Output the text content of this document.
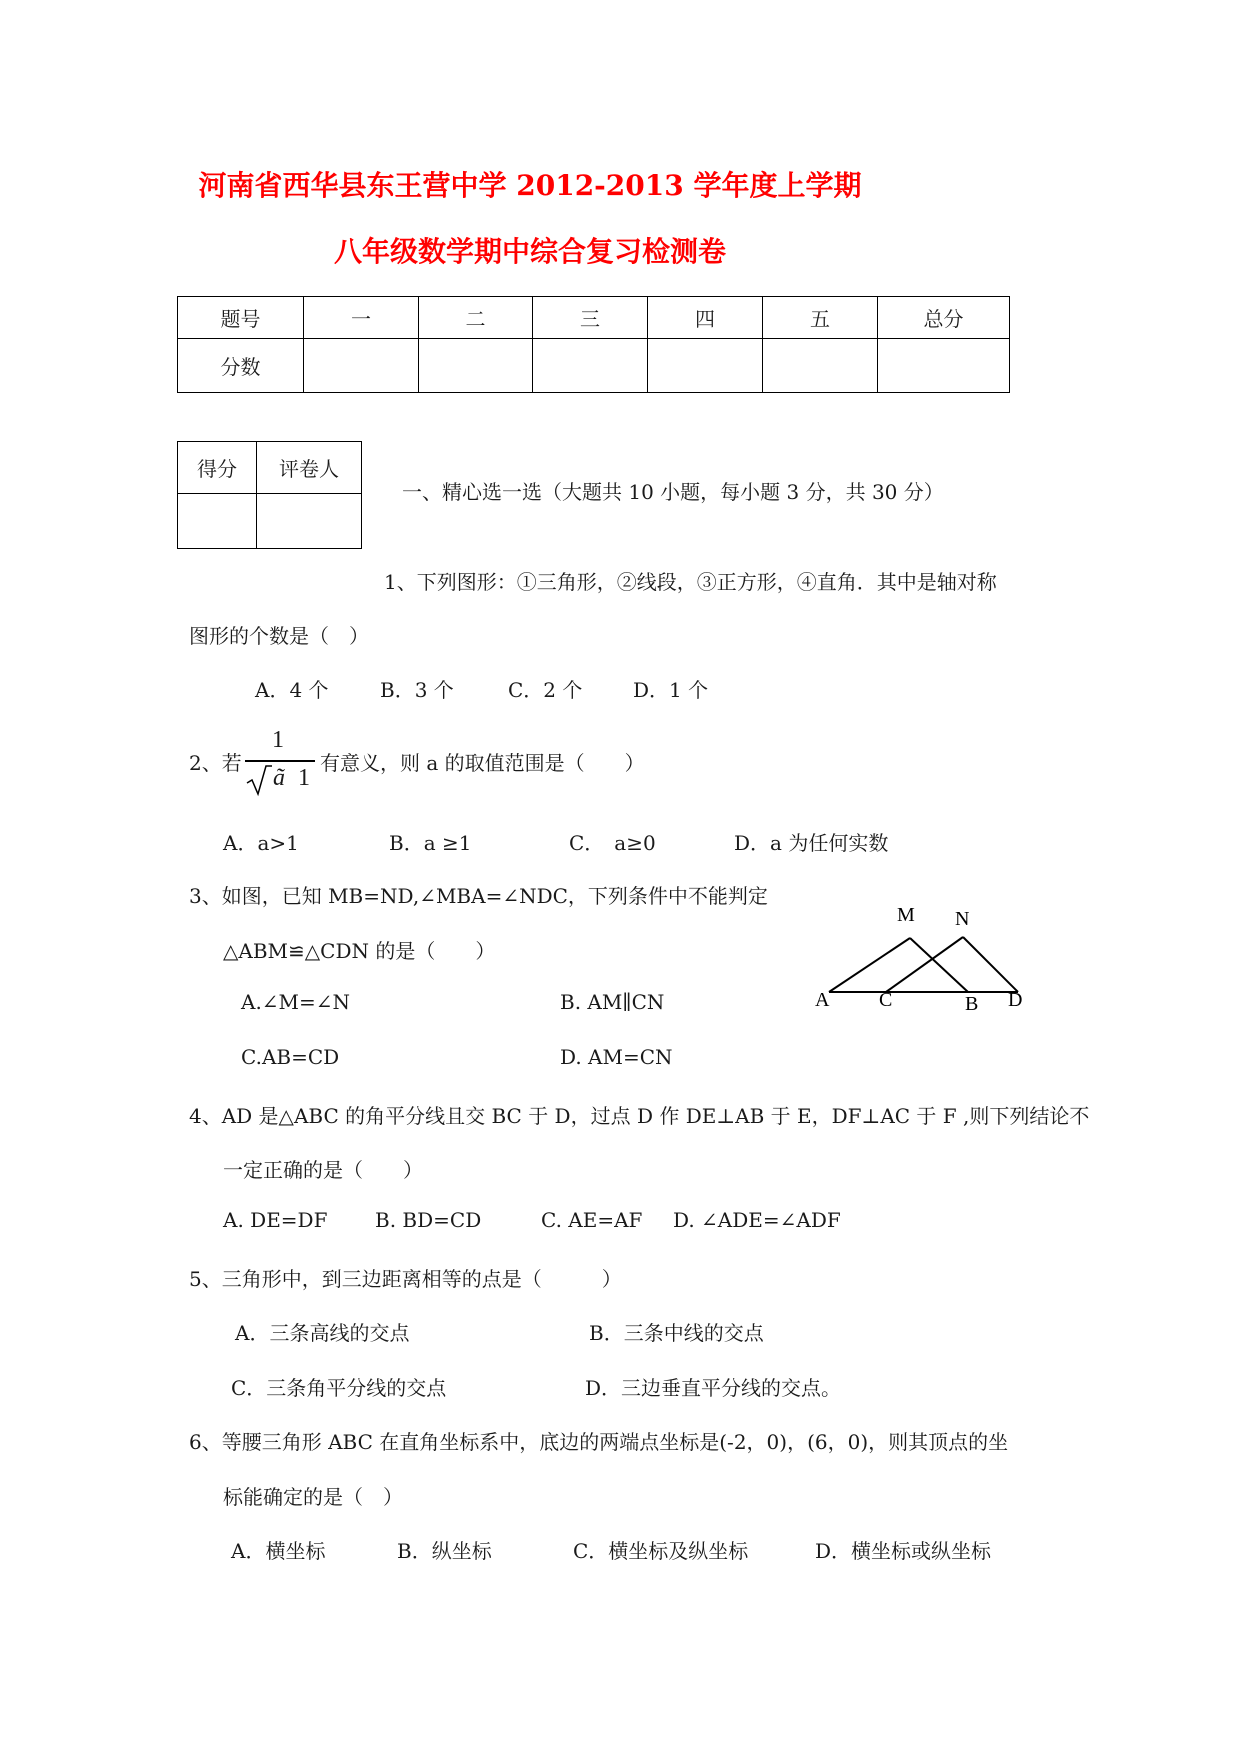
河南省西华县东王营中学 2012-2013 学年度上学期
八年级数学期中综合复习检测卷
题号	一	二	三	四	五	总分
分数						
得分	评卷人

一、精心选一选（大题共 10 小题，每小题 3 分，共 30 分）
1、下列图形：①三角形，②线段，③正方形，④直角．其中是轴对称
图形的个数是（　）
A．4 个	B．3 个	C．2 个	D．1 个
2、若
1
ã 1
有意义，则 a 的取值范围是（　　）
A．a>1	B．a ≥1	C．　a≥0	D．a 为任何实数
3、如图，已知 MB=ND,∠MBA=∠NDC，下列条件中不能判定
△ABM≌△CDN 的是（　　）
A.∠M=∠N	B. AM∥CN
C.AB=CD	D. AM=CN
M N
A C	B D
4、AD 是△ABC 的角平分线且交 BC 于 D，过点 D 作 DE⊥AB 于 E，DF⊥AC 于 F ,则下列结论不
一定正确的是（　　）
A. DE=DF B. BD=CD	C. AE=AF D. ∠ADE=∠ADF
5、三角形中，到三边距离相等的点是（　　　）
A．三条高线的交点	B．三条中线的交点
C．三条角平分线的交点	D．三边垂直平分线的交点。
6、等腰三角形 ABC 在直角坐标系中，底边的两端点坐标是(-2，0)，(6，0)，则其顶点的坐
标能确定的是（　）
A．横坐标	B．纵坐标	C．横坐标及纵坐标	D．横坐标或纵坐标
